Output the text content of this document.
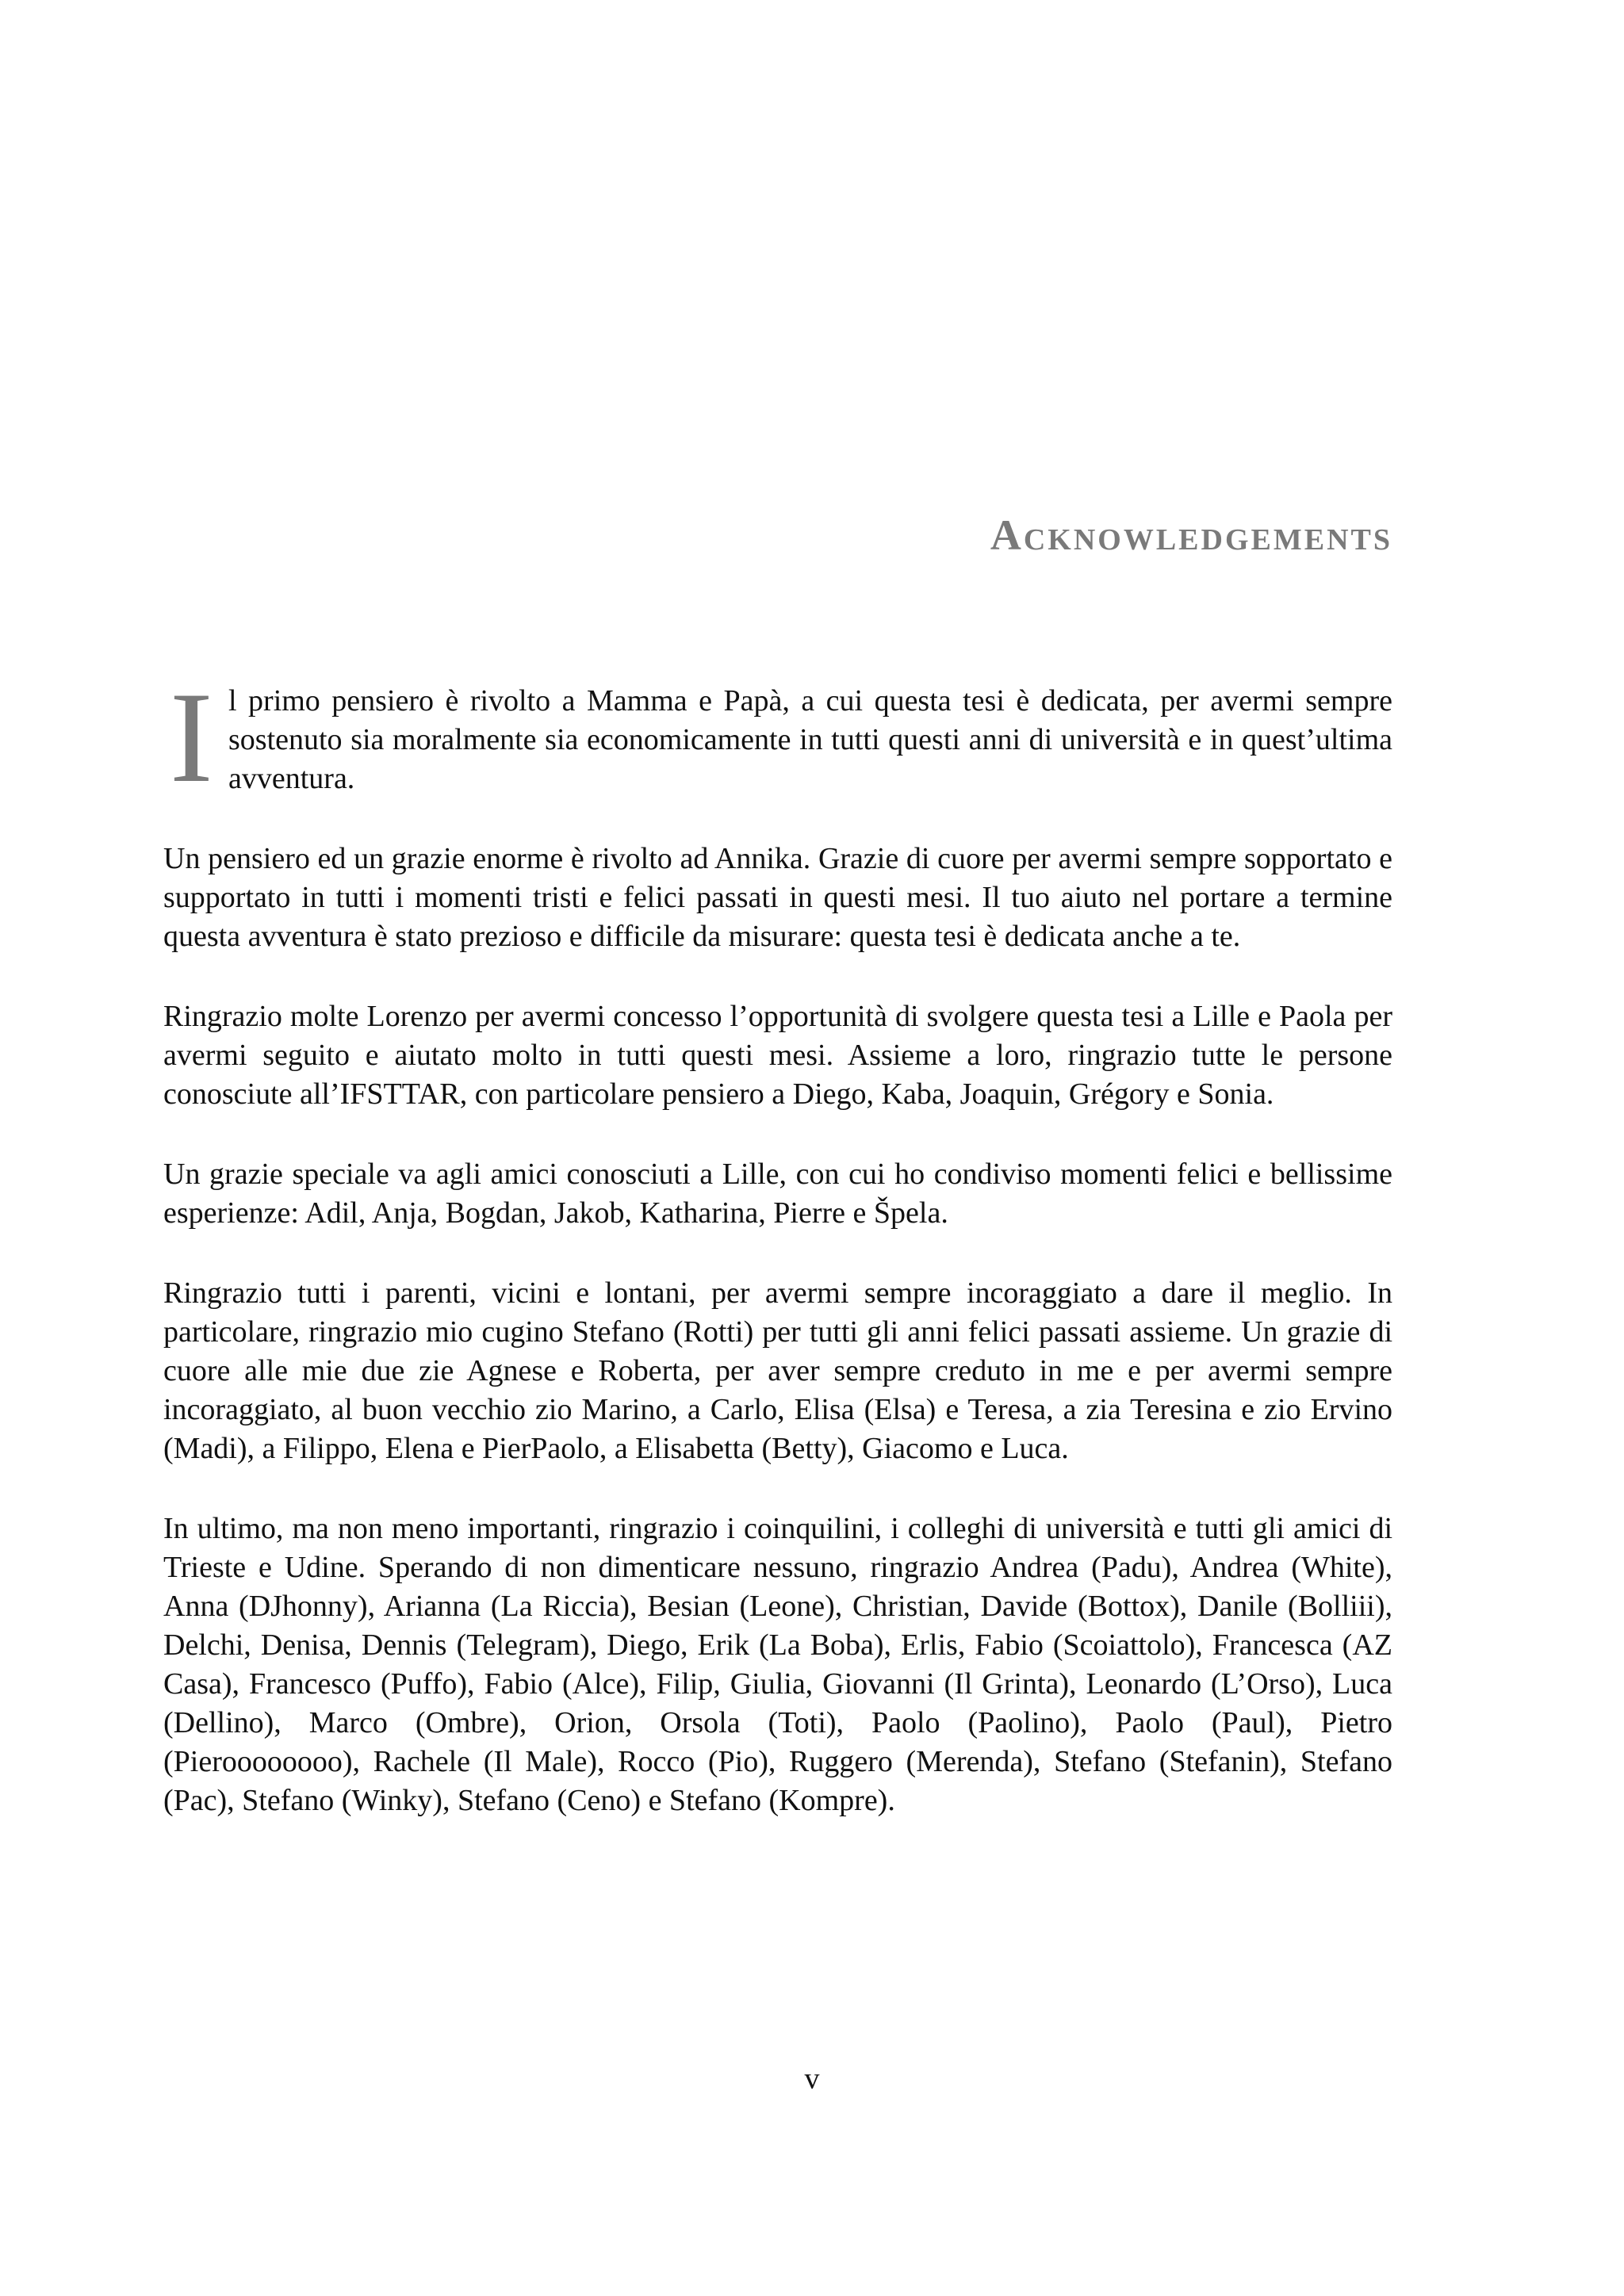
Acknowledgements

I l primo pensiero è rivolto a Mamma e Papà, a cui questa tesi è dedicata, per avermi sempre sostenuto sia moralmente sia economicamente in tutti questi anni di università e in quest’ultima avventura.

Un pensiero ed un grazie enorme è rivolto ad Annika. Grazie di cuore per avermi sempre sopportato e supportato in tutti i momenti tristi e felici passati in questi mesi. Il tuo aiuto nel portare a termine questa avventura è stato prezioso e difficile da misurare: questa tesi è dedicata anche a te.

Ringrazio molte Lorenzo per avermi concesso l’opportunità di svolgere questa tesi a Lille e Paola per avermi seguito e aiutato molto in tutti questi mesi. Assieme a loro, ringrazio tutte le persone conosciute all’IFSTTAR, con particolare pensiero a Diego, Kaba, Joaquin, Grégory e Sonia.

Un grazie speciale va agli amici conosciuti a Lille, con cui ho condiviso momenti felici e bellissime esperienze: Adil, Anja, Bogdan, Jakob, Katharina, Pierre e Špela.

Ringrazio tutti i parenti, vicini e lontani, per avermi sempre incoraggiato a dare il meglio. In particolare, ringrazio mio cugino Stefano (Rotti) per tutti gli anni felici passati assieme. Un grazie di cuore alle mie due zie Agnese e Roberta, per aver sempre creduto in me e per avermi sempre incoraggiato, al buon vecchio zio Marino, a Carlo, Elisa (Elsa) e Teresa, a zia Teresina e zio Ervino (Madi), a Filippo, Elena e PierPaolo, a Elisabetta (Betty), Giacomo e Luca.

In ultimo, ma non meno importanti, ringrazio i coinquilini, i colleghi di università e tutti gli amici di Trieste e Udine. Sperando di non dimenticare nessuno, ringrazio Andrea (Padu), Andrea (White), Anna (DJhonny), Arianna (La Riccia), Besian (Leone), Christian, Davide (Bottox), Danile (Bolliii), Delchi, Denisa, Dennis (Telegram), Diego, Erik (La Boba), Erlis, Fabio (Scoiattolo), Francesca (AZ Casa), Francesco (Puffo), Fabio (Alce), Filip, Giulia, Giovanni (Il Grinta), Leonardo (L’Orso), Luca (Dellino), Marco (Ombre), Orion, Orsola (Toti), Paolo (Paolino), Paolo (Paul), Pietro (Pieroooooooo), Rachele (Il Male), Rocco (Pio), Ruggero (Merenda), Stefano (Stefanin), Stefano (Pac), Stefano (Winky), Stefano (Ceno) e Stefano (Kompre).

v
